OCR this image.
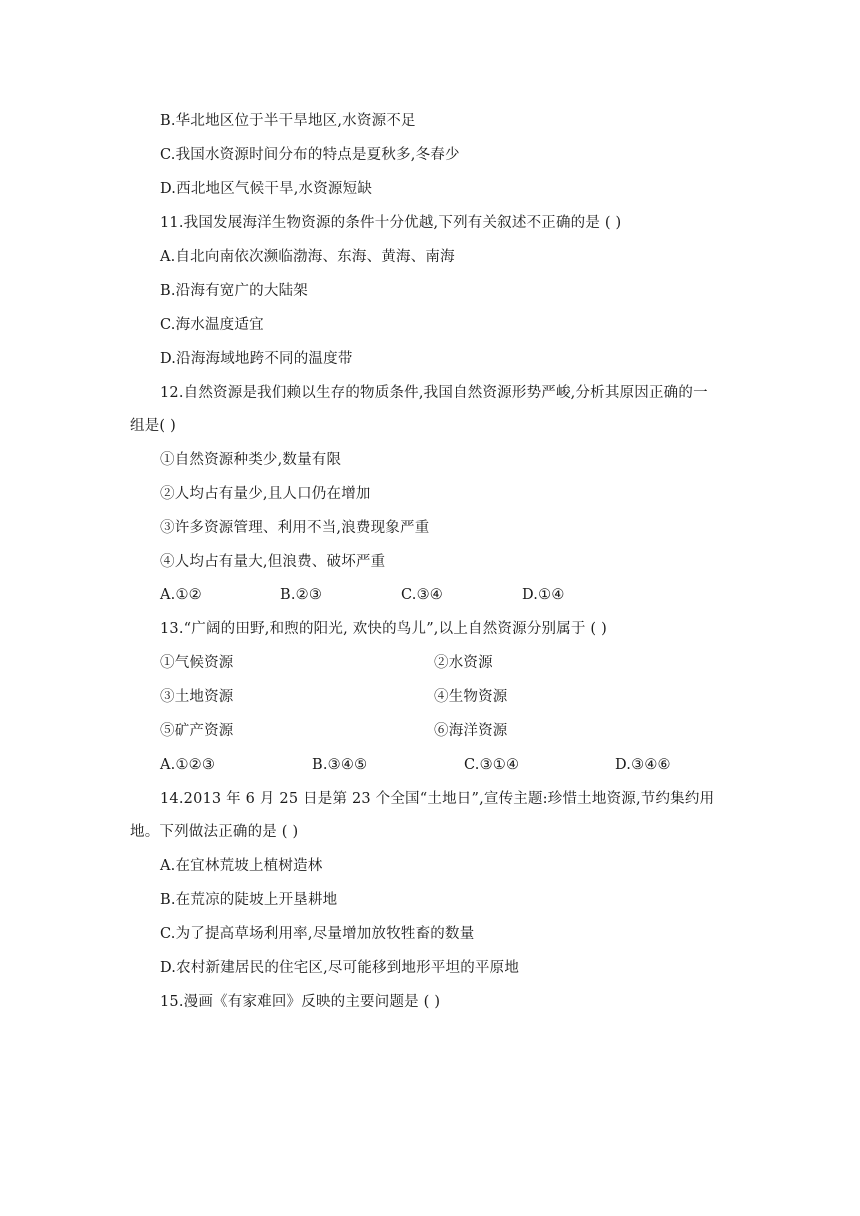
B.华北地区位于半干旱地区,水资源不足
C.我国水资源时间分布的特点是夏秋多,冬春少
D.西北地区气候干旱,水资源短缺
11.我国发展海洋生物资源的条件十分优越,下列有关叙述不正确的是 ( )
A.自北向南依次濒临渤海、东海、黄海、南海
B.沿海有宽广的大陆架
C.海水温度适宜
D.沿海海域地跨不同的温度带
12.自然资源是我们赖以生存的物质条件,我国自然资源形势严峻,分析其原因正确的一
组是( )
①自然资源种类少,数量有限
②人均占有量少,且人口仍在增加
③许多资源管理、利用不当,浪费现象严重
④人均占有量大,但浪费、破坏严重
A.①②	B.②③	C.③④	D.①④
13.“广阔的田野,和煦的阳光, 欢快的鸟儿”,以上自然资源分别属于 ( )
①气候资源	②水资源
③土地资源	④生物资源
⑤矿产资源	⑥海洋资源
A.①②③	B.③④⑤	C.③①④	D.③④⑥
14.2013 年 6 月 25 日是第 23 个全国“土地日”,宣传主题:珍惜土地资源,节约集约用
地。下列做法正确的是 ( )
A.在宜林荒坡上植树造林
B.在荒凉的陡坡上开垦耕地
C.为了提高草场利用率,尽量增加放牧牲畜的数量
D.农村新建居民的住宅区,尽可能移到地形平坦的平原地
15.漫画《有家难回》反映的主要问题是 ( )
